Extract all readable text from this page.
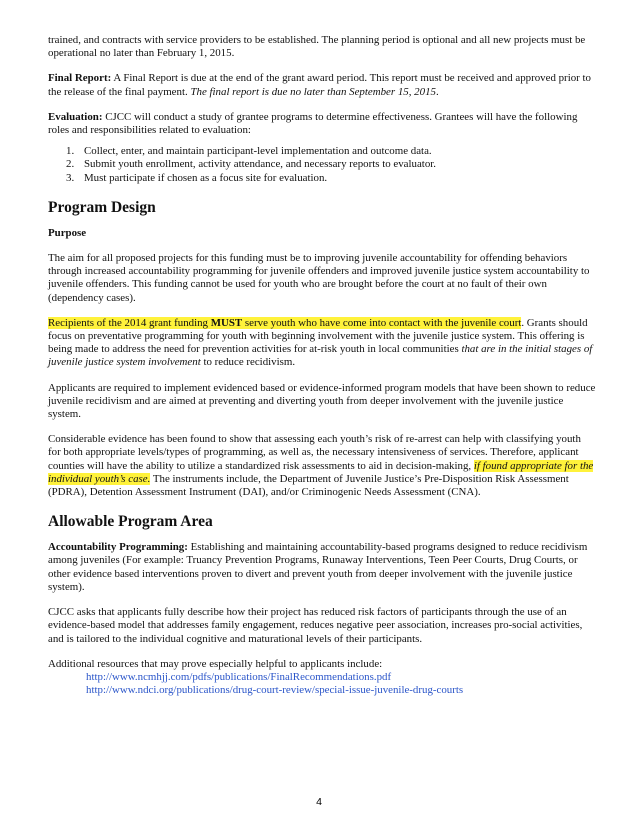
trained, and contracts with service providers to be established. The planning period is optional and all new projects must be operational no later than February 1, 2015.

Final Report: A Final Report is due at the end of the grant award period. This report must be received and approved prior to the release of the final payment. The final report is due no later than September 15, 2015.

Evaluation: CJCC will conduct a study of grantee programs to determine effectiveness. Grantees will have the following roles and responsibilities related to evaluation:

1. Collect, enter, and maintain participant-level implementation and outcome data.
2. Submit youth enrollment, activity attendance, and necessary reports to evaluator.
3. Must participate if chosen as a focus site for evaluation.
Program Design
Purpose

The aim for all proposed projects for this funding must be to improving juvenile accountability for offending behaviors through increased accountability programming for juvenile offenders and improved juvenile justice system accountability to juvenile offenders. This funding cannot be used for youth who are brought before the court at no fault of their own (dependency cases).

Recipients of the 2014 grant funding MUST serve youth who have come into contact with the juvenile court. Grants should focus on preventative programming for youth with beginning involvement with the juvenile justice system. This offering is being made to address the need for prevention activities for at-risk youth in local communities that are in the initial stages of juvenile justice system involvement to reduce recidivism.

Applicants are required to implement evidenced based or evidence-informed program models that have been shown to reduce juvenile recidivism and are aimed at preventing and diverting youth from deeper involvement with the juvenile justice system.

Considerable evidence has been found to show that assessing each youth’s risk of re-arrest can help with classifying youth for both appropriate levels/types of programming, as well as, the necessary intensiveness of services. Therefore, applicant counties will have the ability to utilize a standardized risk assessments to aid in decision-making, if found appropriate for the individual youth’s case. The instruments include, the Department of Juvenile Justice’s Pre-Disposition Risk Assessment (PDRA), Detention Assessment Instrument (DAI), and/or Criminogenic Needs Assessment (CNA).

Allowable Program Area

Accountability Programming: Establishing and maintaining accountability-based programs designed to reduce recidivism among juveniles (For example: Truancy Prevention Programs, Runaway Interventions, Teen Peer Courts, Drug Courts, or other evidence based interventions proven to divert and prevent youth from deeper involvement with the juvenile justice system).

CJCC asks that applicants fully describe how their project has reduced risk factors of participants through the use of an evidence-based model that addresses family engagement, reduces negative peer association, increases pro-social activities, and is tailored to the individual cognitive and maturational levels of their participants.

Additional resources that may prove especially helpful to applicants include:

http://www.ncmhjj.com/pdfs/publications/FinalRecommendations.pdf
http://www.ndci.org/publications/drug-court-review/special-issue-juvenile-drug-courts
4
